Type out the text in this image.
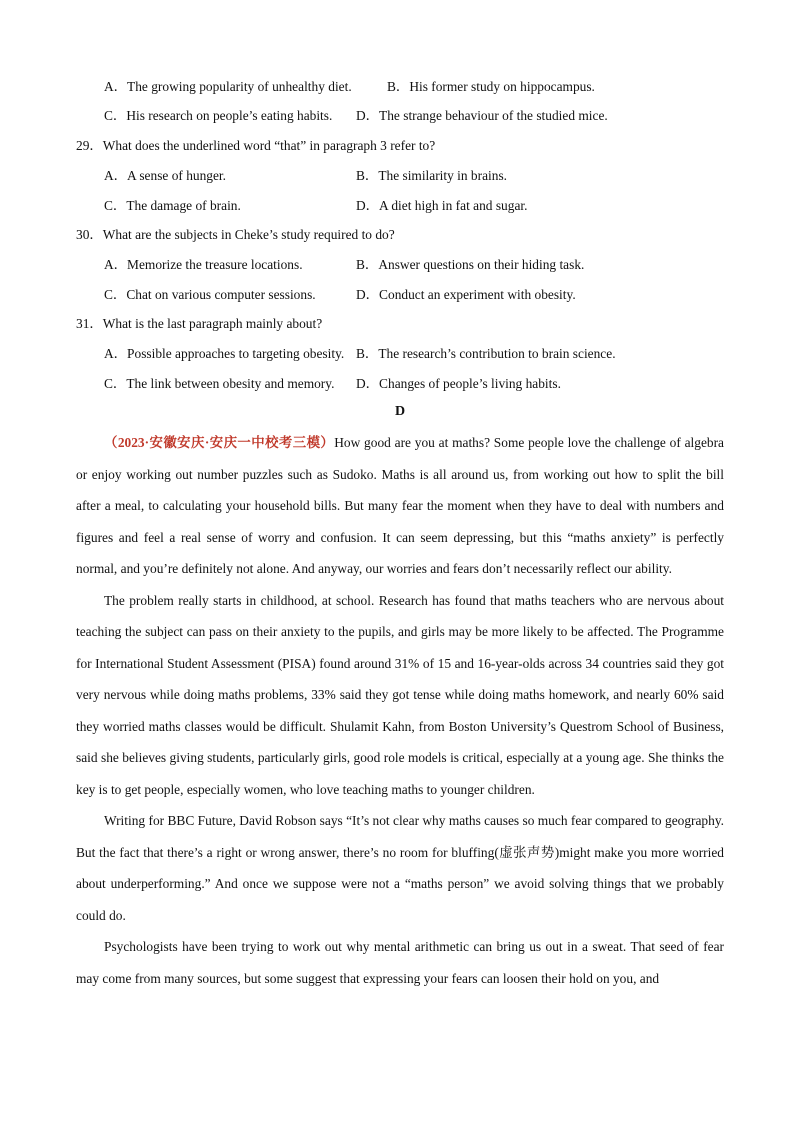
A．The growing popularity of unhealthy diet.	B．His former study on hippocampus.
C．His research on people’s eating habits. D．The strange behaviour of the studied mice.
29．What does the underlined word “that” in paragraph 3 refer to?
A．A sense of hunger.	B．The similarity in brains.
C．The damage of brain.	D．A diet high in fat and sugar.
30．What are the subjects in Cheke’s study required to do?
A．Memorize the treasure locations.	B．Answer questions on their hiding task.
C．Chat on various computer sessions.	D．Conduct an experiment with obesity.
31．What is the last paragraph mainly about?
A．Possible approaches to targeting obesity. B．The research’s contribution to brain science.
C．The link between obesity and memory. D．Changes of people’s living habits.
D
（2023·安徽安庆·安庆一中校考三模）How good are you at maths? Some people love the challenge of algebra or enjoy working out number puzzles such as Sudoko. Maths is all around us, from working out how to split the bill after a meal, to calculating your household bills. But many fear the moment when they have to deal with numbers and figures and feel a real sense of worry and confusion. It can seem depressing, but this “maths anxiety” is perfectly normal, and you’re definitely not alone. And anyway, our worries and fears don’t necessarily reflect our ability.
The problem really starts in childhood, at school. Research has found that maths teachers who are nervous about teaching the subject can pass on their anxiety to the pupils, and girls may be more likely to be affected. The Programme for International Student Assessment (PISA) found around 31% of 15 and 16-year-olds across 34 countries said they got very nervous while doing maths problems, 33% said they got tense while doing maths homework, and nearly 60% said they worried maths classes would be difficult. Shulamit Kahn, from Boston University’s Questrom School of Business, said she believes giving students, particularly girls, good role models is critical, especially at a young age. She thinks the key is to get people, especially women, who love teaching maths to younger children.
Writing for BBC Future, David Robson says “It’s not clear why maths causes so much fear compared to geography. But the fact that there’s a right or wrong answer, there’s no room for bluffing(虚张声势)might make you more worried about underperforming.” And once we suppose were not a “maths person” we avoid solving things that we probably could do.
Psychologists have been trying to work out why mental arithmetic can bring us out in a sweat. That seed of fear may come from many sources, but some suggest that expressing your fears can loosen their hold on you, and
